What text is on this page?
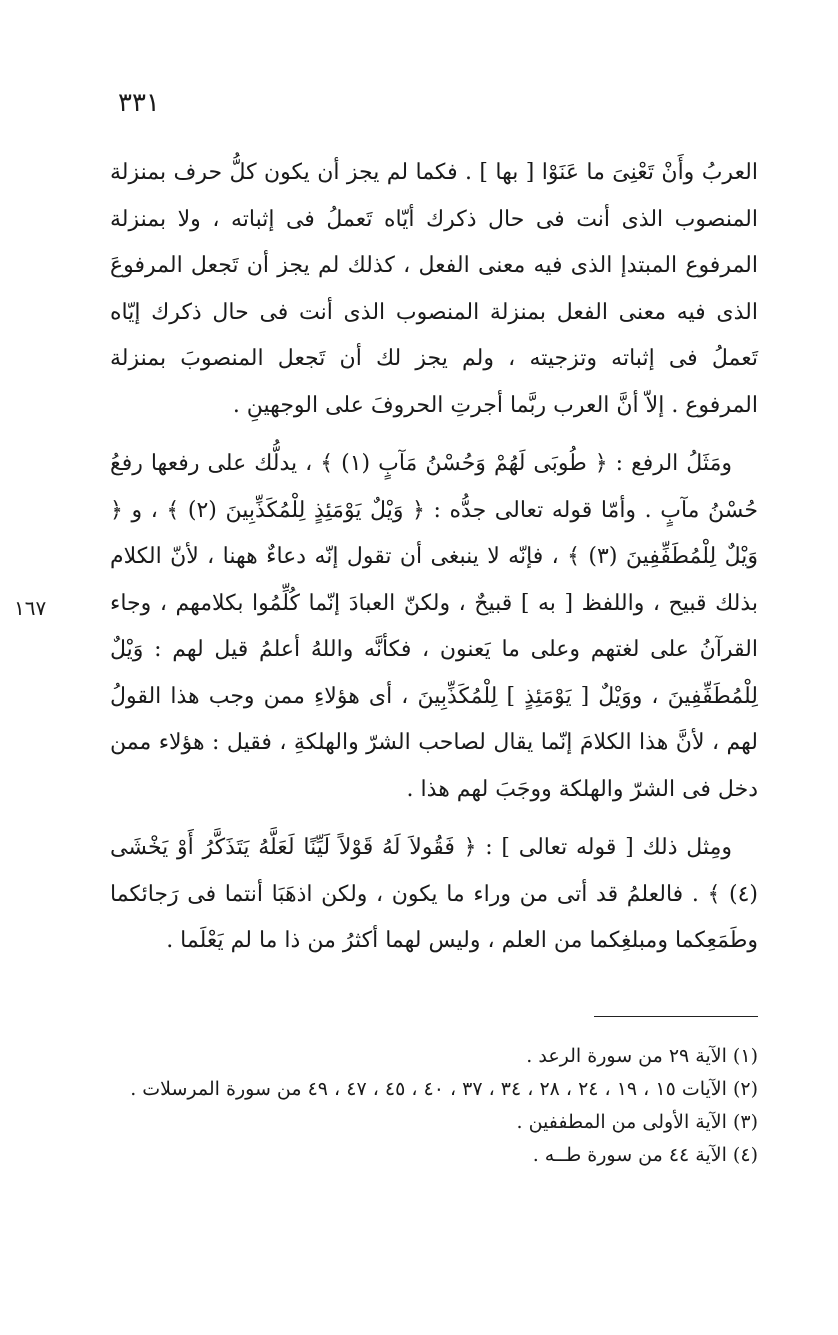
٣٣١
١٦٧

العربُ وأَنْ تَعْنِىَ ما عَنَوْا [ بها ] . فكما لم يجز أن يكون كلُّ حرف بمنزلة المنصوب الذى أنت فى حال ذكرك أيّاه تَعملُ فى إثباته ، ولا بمنزلة المرفوع المبتدإ الذى فيه معنى الفعل ، كذلك لم يجز أن تَجعل المرفوعَ الذى فيه معنى الفعل بمنزلة المنصوب الذى أنت فى حال ذكرك إيّاه تَعملُ فى إثباته وتزجيته ، ولم يجز لك أن تَجعل المنصوبَ بمنزلة المرفوع . إلاّ أنَّ العرب ربَّما أجرتِ الحروفَ على الوجهينِ .

ومَثَلُ الرفع : ﴿ طُوبَى لَهُمْ وَحُسْنُ مَآبٍ (١) ﴾ ، يدلُّك على رفعها رفعُ حُسْنُ مآبٍ . وأمّا قوله تعالى جدُّه : ﴿ وَيْلٌ يَوْمَئِذٍ لِلْمُكَذِّبِينَ (٢) ﴾ ، و ﴿ وَيْلٌ لِلْمُطَفِّفِينَ (٣) ﴾ ، فإنّه لا ينبغى أن تقول إنّه دعاءٌ ههنا ، لأنّ الكلام بذلك قبيح ، واللفظ [ به ] قبيحٌ ، ولكنّ العبادَ إنّما كُلِّمُوا بكلامهم ، وجاء القرآنُ على لغتهم وعلى ما يَعنون ، فكأنَّه واللهُ أعلمُ قيل لهم : وَيْلٌ لِلْمُطَفِّفِينَ ، ووَيْلٌ [ يَوْمَئِذٍ ] لِلْمُكَذِّبِينَ ، أى هؤلاءِ ممن وجب هذا القولُ لهم ، لأنَّ هذا الكلامَ إنّما يقال لصاحب الشرّ والهلكةِ ، فقيل : هؤلاء ممن دخل فى الشرّ والهلكة ووجَبَ لهم هذا .

ومِثل ذلك [ قوله تعالى ] : ﴿ فَقُولاَ لَهُ قَوْلاً لَيِّنًا لَعَلَّهُ يَتَذَكَّرُ أَوْ يَخْشَى (٤) ﴾ . فالعلمُ قد أتى من وراء ما يكون ، ولكن اذهَبَا أنتما فى رَجائكما وطَمَعِكما ومبلغِكما من العلم ، وليس لهما أكثرُ من ذا ما لم يَعْلَما .

(١) الآية ٢٩ من سورة الرعد .

(٢) الآيات ١٥ ، ١٩ ، ٢٤ ، ٢٨ ، ٣٤ ، ٣٧ ، ٤٠ ، ٤٥ ، ٤٧ ، ٤٩ من سورة المرسلات .

(٣) الآية الأولى من المطففين .

(٤) الآية ٤٤ من سورة طــه .
